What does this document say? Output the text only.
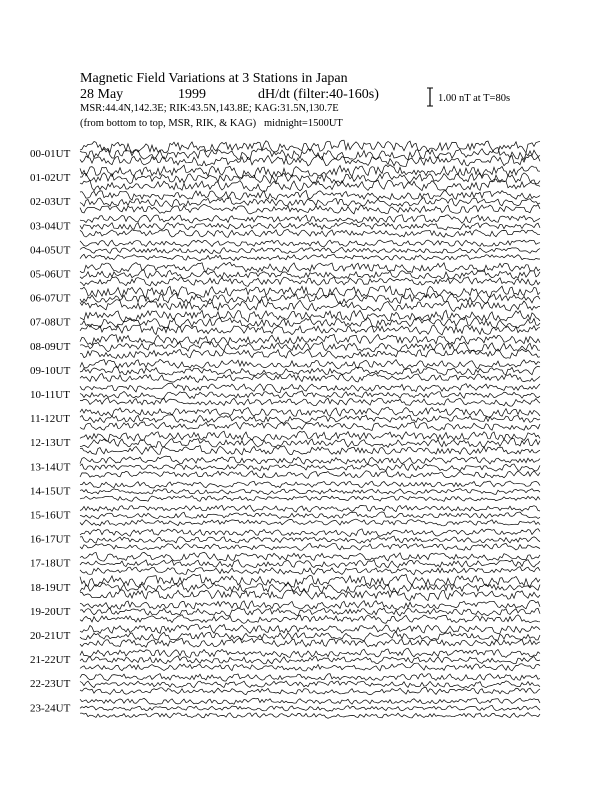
Magnetic Field Variations at 3 Stations in Japan
28 May	1999	dH/dt (filter:40-160s)
MSR:44.4N,142.3E; RIK:43.5N,143.8E; KAG:31.5N,130.7E
(from bottom to top, MSR, RIK, & KAG) midnight=1500UT
1.00 nT at T=80s
00-01UT
01-02UT
02-03UT
03-04UT
04-05UT
05-06UT
06-07UT
07-08UT
08-09UT
09-10UT
10-11UT
11-12UT
12-13UT
13-14UT
14-15UT
15-16UT
16-17UT
17-18UT
18-19UT
19-20UT
20-21UT
21-22UT
22-23UT
23-24UT
